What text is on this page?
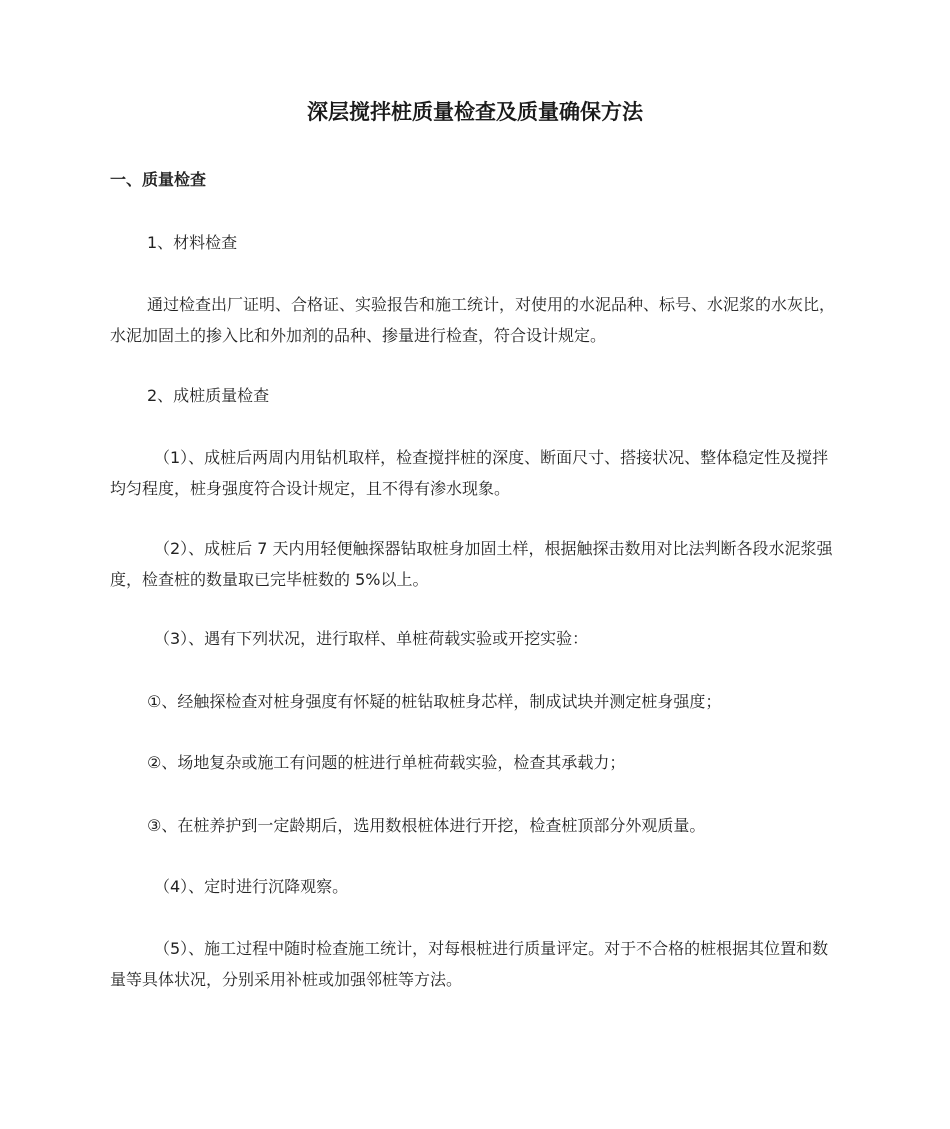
深层搅拌桩质量检查及质量确保方法
一、质量检查

1、材料检查

通过检查出厂证明、合格证、实验报告和施工统计，对使用的水泥品种、标号、水泥浆的水灰比，水泥加固土的掺入比和外加剂的品种、掺量进行检查，符合设计规定。

2、成桩质量检查

（1）、成桩后两周内用钻机取样，检查搅拌桩的深度、断面尺寸、搭接状况、整体稳定性及搅拌均匀程度，桩身强度符合设计规定，且不得有渗水现象。

（2）、成桩后 7 天内用轻便触探器钻取桩身加固土样，根据触探击数用对比法判断各段水泥浆强度，检查桩的数量取已完毕桩数的 5%以上。

（3）、遇有下列状况，进行取样、单桩荷载实验或开挖实验：

①、经触探检查对桩身强度有怀疑的桩钻取桩身芯样，制成试块并测定桩身强度；

②、场地复杂或施工有问题的桩进行单桩荷载实验，检查其承载力；

③、在桩养护到一定龄期后，选用数根桩体进行开挖，检查桩顶部分外观质量。

（4）、定时进行沉降观察。

（5）、施工过程中随时检查施工统计，对每根桩进行质量评定。对于不合格的桩根据其位置和数量等具体状况，分别采用补桩或加强邻桩等方法。
